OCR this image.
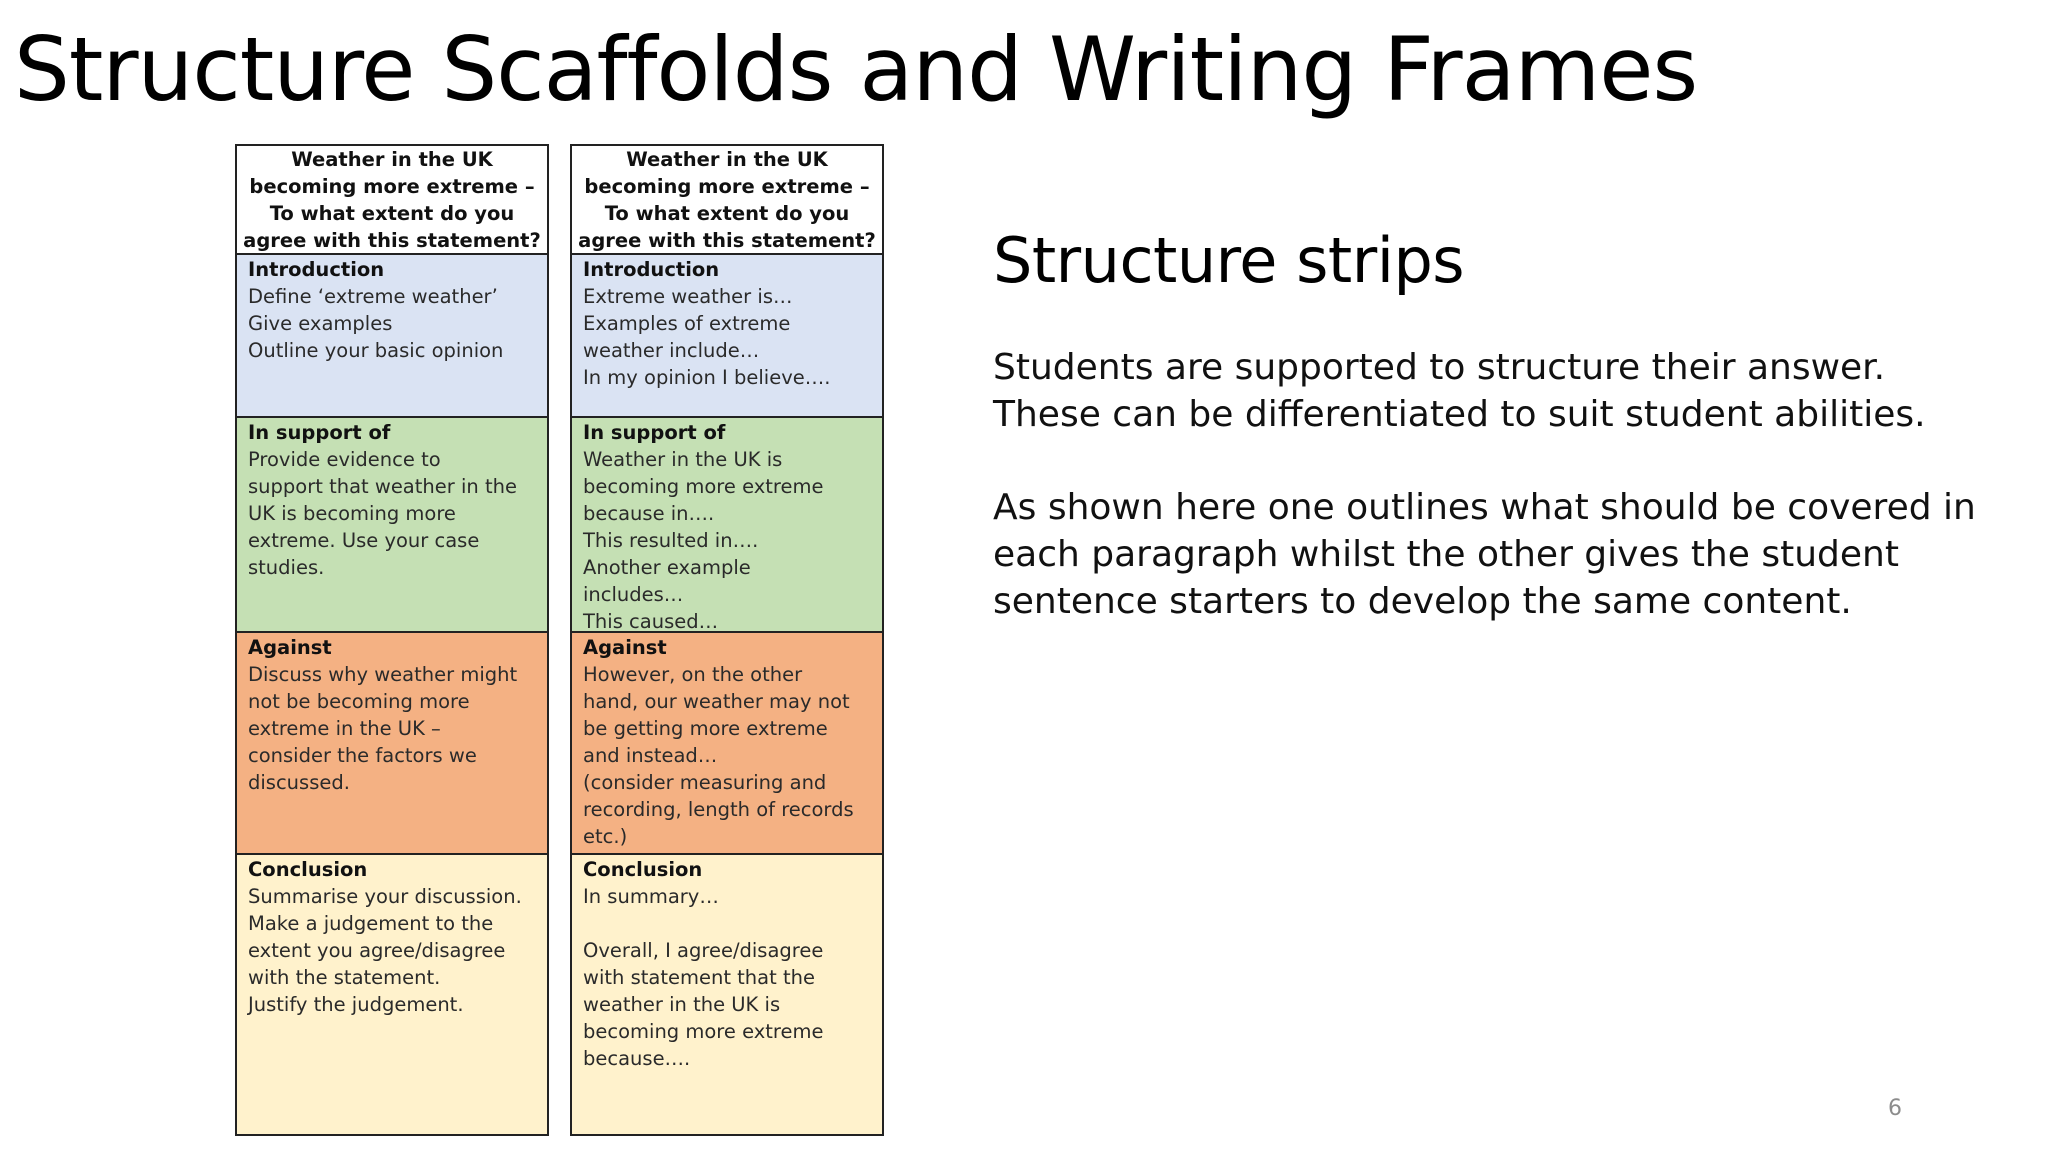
Structure Scaffolds and Writing Frames
Weather in the UK
becoming more extreme –
To what extent do you
agree with this statement?
Introduction
Define ‘extreme weather’
Give examples
Outline your basic opinion
In support of
Provide evidence to
support that weather in the
UK is becoming more
extreme. Use your case
studies.
Against
Discuss why weather might
not be becoming more
extreme in the UK –
consider the factors we
discussed.
Conclusion
Summarise your discussion.
Make a judgement to the
extent you agree/disagree
with the statement.
Justify the judgement.
Weather in the UK
becoming more extreme –
To what extent do you
agree with this statement?
Introduction
Extreme weather is…
Examples of extreme
weather include…
In my opinion I believe….
In support of
Weather in the UK is
becoming more extreme
because in….
This resulted in….
Another example
includes…
This caused…
Against
However, on the other
hand, our weather may not
be getting more extreme
and instead…
(consider measuring and
recording, length of records
etc.)
Conclusion
In summary…

Overall, I agree/disagree
with statement that the
weather in the UK is
becoming more extreme
because….
Structure strips

Students are supported to structure their answer. These can be differentiated to suit student abilities.

As shown here one outlines what should be covered in each paragraph whilst the other gives the student sentence starters to develop the same content.

6
